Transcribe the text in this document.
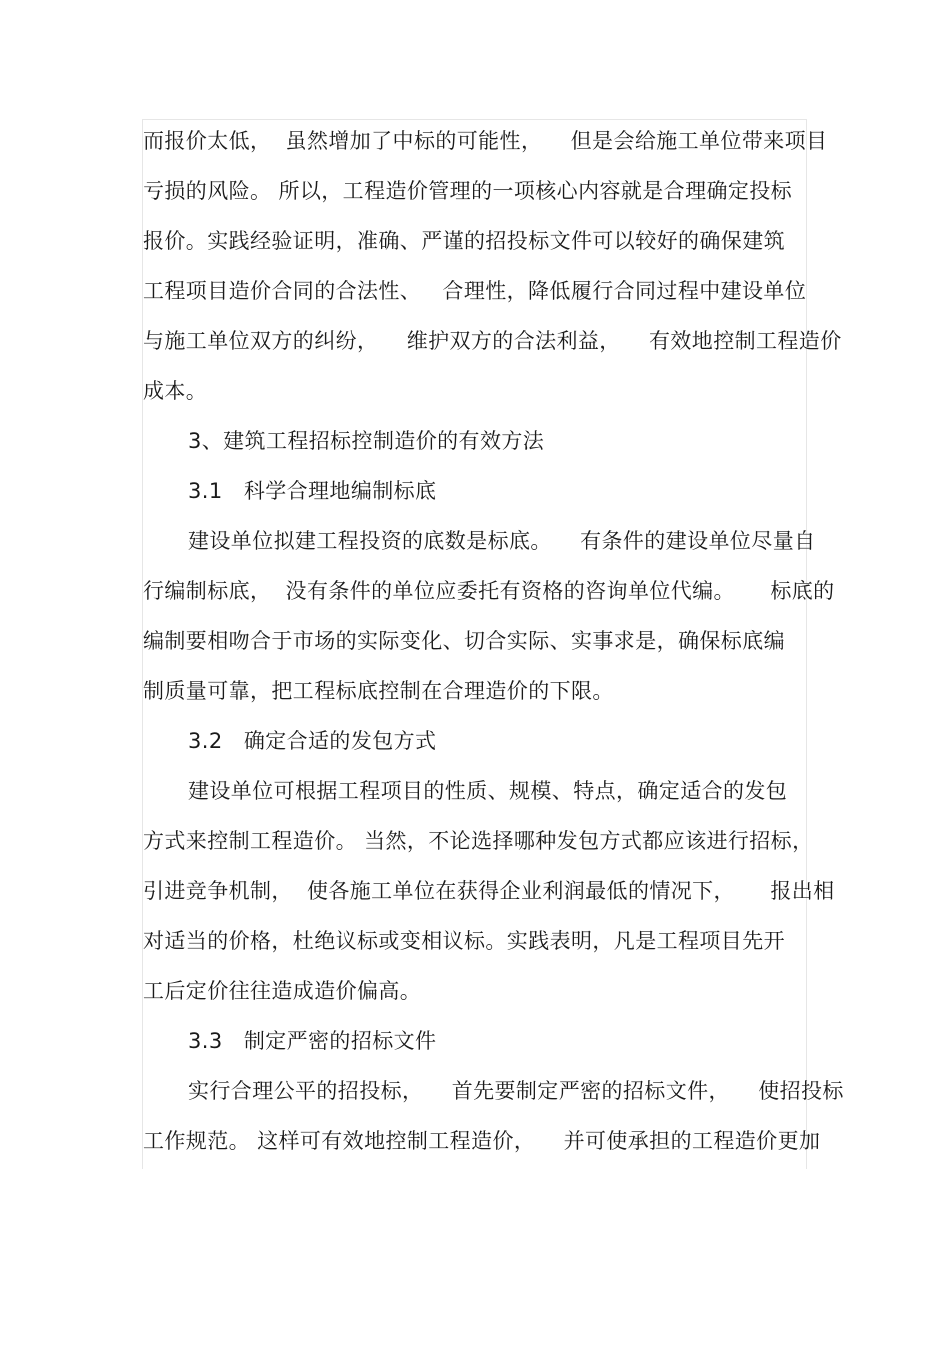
而报价太低，  虽然增加了中标的可能性，    但是会给施工单位带来项目
亏损的风险。 所以，工程造价管理的一项核心内容就是合理确定投标
报价。实践经验证明，准确、严谨的招投标文件可以较好的确保建筑
工程项目造价合同的合法性、   合理性，降低履行合同过程中建设单位
与施工单位双方的纠纷，    维护双方的合法利益，    有效地控制工程造价
成本。
3、建筑工程招标控制造价的有效方法
3.1   科学合理地编制标底
建设单位拟建工程投资的底数是标底。    有条件的建设单位尽量自
行编制标底，  没有条件的单位应委托有资格的咨询单位代编。     标底的
编制要相吻合于市场的实际变化、切合实际、实事求是，确保标底编
制质量可靠，把工程标底控制在合理造价的下限。
3.2   确定合适的发包方式
建设单位可根据工程项目的性质、规模、特点，确定适合的发包
方式来控制工程造价。 当然，不论选择哪种发包方式都应该进行招标，
引进竞争机制，  使各施工单位在获得企业利润最低的情况下，     报出相
对适当的价格，杜绝议标或变相议标。实践表明，凡是工程项目先开
工后定价往往造成造价偏高。
3.3   制定严密的招标文件
实行合理公平的招投标，    首先要制定严密的招标文件，    使招投标
工作规范。 这样可有效地控制工程造价，    并可使承担的工程造价更加
